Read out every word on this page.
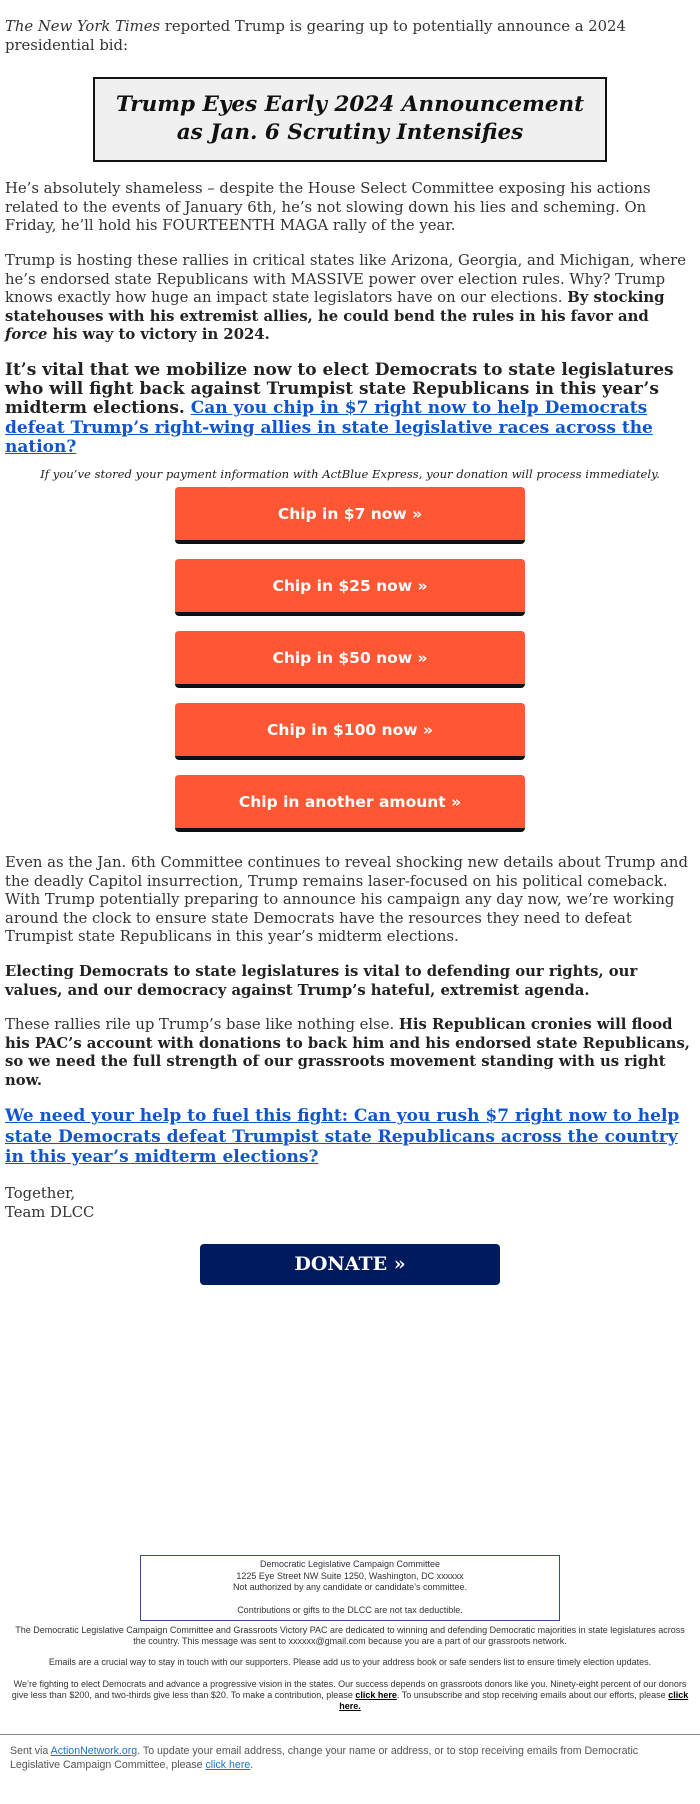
The New York Times reported Trump is gearing up to potentially announce a 2024 presidential bid:

Trump Eyes Early 2024 Announcement as Jan. 6 Scrutiny Intensifies

He’s absolutely shameless – despite the House Select Committee exposing his actions related to the events of January 6th, he’s not slowing down his lies and scheming. On Friday, he’ll hold his FOURTEENTH MAGA rally of the year.

Trump is hosting these rallies in critical states like Arizona, Georgia, and Michigan, where he’s endorsed state Republicans with MASSIVE power over election rules. Why? Trump knows exactly how huge an impact state legislators have on our elections. By stocking statehouses with his extremist allies, he could bend the rules in his favor and force his way to victory in 2024.

It’s vital that we mobilize now to elect Democrats to state legislatures who will fight back against Trumpist state Republicans in this year’s midterm elections. Can you chip in $7 right now to help Democrats defeat Trump’s right-wing allies in state legislative races across the nation?

If you’ve stored your payment information with ActBlue Express, your donation will process immediately.

Chip in $7 now »
Chip in $25 now »
Chip in $50 now »
Chip in $100 now »
Chip in another amount »

Even as the Jan. 6th Committee continues to reveal shocking new details about Trump and the deadly Capitol insurrection, Trump remains laser-focused on his political comeback. With Trump potentially preparing to announce his campaign any day now, we’re working around the clock to ensure state Democrats have the resources they need to defeat Trumpist state Republicans in this year’s midterm elections.

Electing Democrats to state legislatures is vital to defending our rights, our values, and our democracy against Trump’s hateful, extremist agenda.

These rallies rile up Trump’s base like nothing else. His Republican cronies will flood his PAC’s account with donations to back him and his endorsed state Republicans, so we need the full strength of our grassroots movement standing with us right now.

We need your help to fuel this fight: Can you rush $7 right now to help state Democrats defeat Trumpist state Republicans across the country in this year’s midterm elections?

Together,
Team DLCC

DONATE »
Democratic Legislative Campaign Committee
1225 Eye Street NW Suite 1250, Washington, DC xxxxxx
Not authorized by any candidate or candidate’s committee.
Contributions or gifts to the DLCC are not tax deductible.

The Democratic Legislative Campaign Committee and Grassroots Victory PAC are dedicated to winning and defending Democratic majorities in state legislatures across the country. This message was sent to xxxxxx@gmail.com because you are a part of our grassroots network.

Emails are a crucial way to stay in touch with our supporters. Please add us to your address book or safe senders list to ensure timely election updates.

We’re fighting to elect Democrats and advance a progressive vision in the states. Our success depends on grassroots donors like you. Ninety-eight percent of our donors give less than $200, and two-thirds give less than $20. To make a contribution, please click here. To unsubscribe and stop receiving emails about our efforts, please click here.

Sent via ActionNetwork.org. To update your email address, change your name or address, or to stop receiving emails from Democratic Legislative Campaign Committee, please click here.
